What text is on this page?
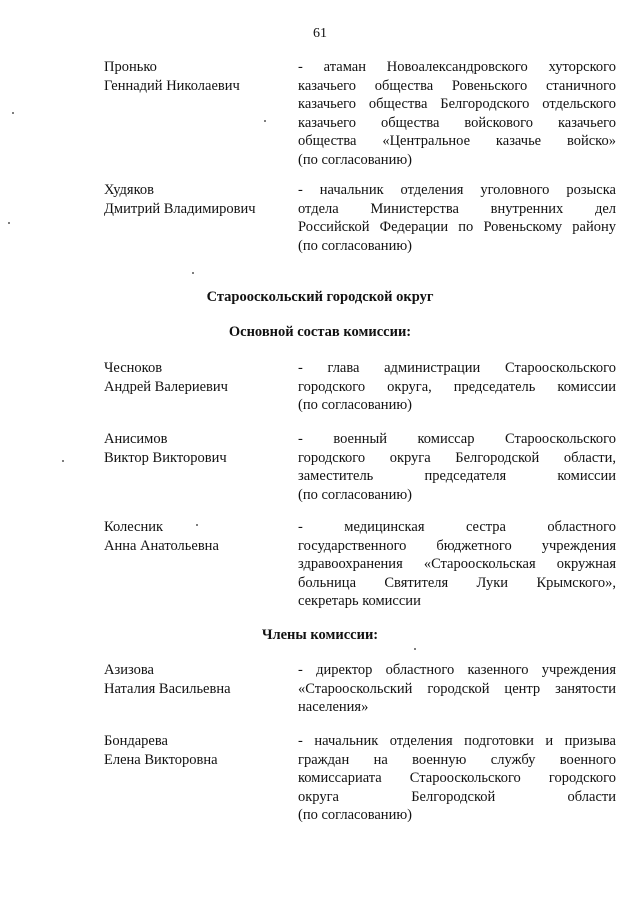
61
Пронько
Геннадий Николаевич

- атаман Новоалександровского хуторского

казачьего общества Ровеньского станичного

казачьего общества Белгородского отдельского

казачьего общества войскового казачьего

общества «Центральное казачье войско»

(по согласованию)

Худяков
Дмитрий Владимирович

- начальник отделения уголовного розыска

отдела Министерства внутренних дел

Российской Федерации по Ровеньскому району

(по согласованию)

Старооскольский городской округ
Основной состав комиссии:
Чесноков
Андрей Валериевич

- глава администрации Старооскольского

городского округа, председатель комиссии

(по согласованию)

Анисимов
Виктор Викторович

- военный комиссар Старооскольского

городского округа Белгородской области,

заместитель председателя комиссии

(по согласованию)

Колесник
Анна Анатольевна

- медицинская сестра областного

государственного бюджетного учреждения

здравоохранения «Старооскольская окружная

больница Святителя Луки Крымского»,

секретарь комиссии

Члены комиссии:
Азизова
Наталия Васильевна

- директор областного казенного учреждения

«Старооскольский городской центр занятости

населения»

Бондарева
Елена Викторовна

- начальник отделения подготовки и призыва

граждан на военную службу военного

комиссариата Старооскольского городского

округа Белгородской области

(по согласованию)
